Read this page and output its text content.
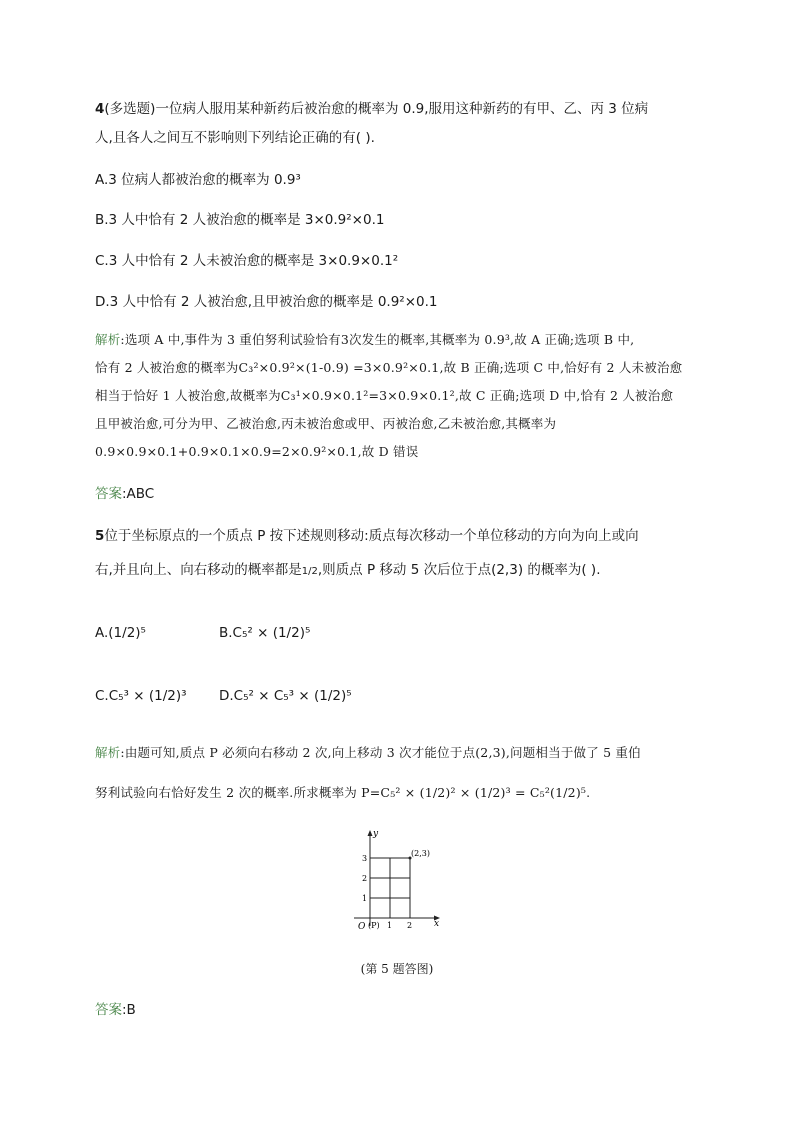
4(多选题)一位病人服用某种新药后被治愈的概率为 0.9,服用这种新药的有甲、乙、丙 3 位病
人,且各人之间互不影响则下列结论正确的有( ).
A.3 位病人都被治愈的概率为 0.9³
B.3 人中恰有 2 人被治愈的概率是 3×0.9²×0.1
C.3 人中恰有 2 人未被治愈的概率是 3×0.9×0.1²
D.3 人中恰有 2 人被治愈,且甲被治愈的概率是 0.9²×0.1
解析:选项 A 中,事件为 3 重伯努利试验恰有3次发生的概率,其概率为 0.9³,故 A 正确;选项 B 中,
恰有 2 人被治愈的概率为C₃²×0.9²×(1-0.9) =3×0.9²×0.1,故 B 正确;选项 C 中,恰好有 2 人未被治愈
相当于恰好 1 人被治愈,故概率为C₃¹×0.9×0.1²=3×0.9×0.1²,故 C 正确;选项 D 中,恰有 2 人被治愈
且甲被治愈,可分为甲、乙被治愈,丙未被治愈或甲、丙被治愈,乙未被治愈,其概率为
0.9×0.9×0.1+0.9×0.1×0.9=2×0.9²×0.1,故 D 错误
答案:ABC
5位于坐标原点的一个质点 P 按下述规则移动:质点每次移动一个单位移动的方向为向上或向
右,并且向上、向右移动的概率都是1/2,则质点 P 移动 5 次后位于点(2,3) 的概率为( ).
A.(1/2)⁵	B.C₅² × (1/2)⁵
C.C₅³ × (1/2)³ D.C₅² × C₅³ × (1/2)⁵
解析:由题可知,质点 P 必须向右移动 2 次,向上移动 3 次才能位于点(2,3),问题相当于做了 5 重伯
努利试验向右恰好发生 2 次的概率.所求概率为 P=C₅² × (1/2)² × (1/2)³ = C₅²(1/2)⁵.
y
x
O (P) 1 2
1
2
3
(2,3)
(第 5 题答图)
答案:B
